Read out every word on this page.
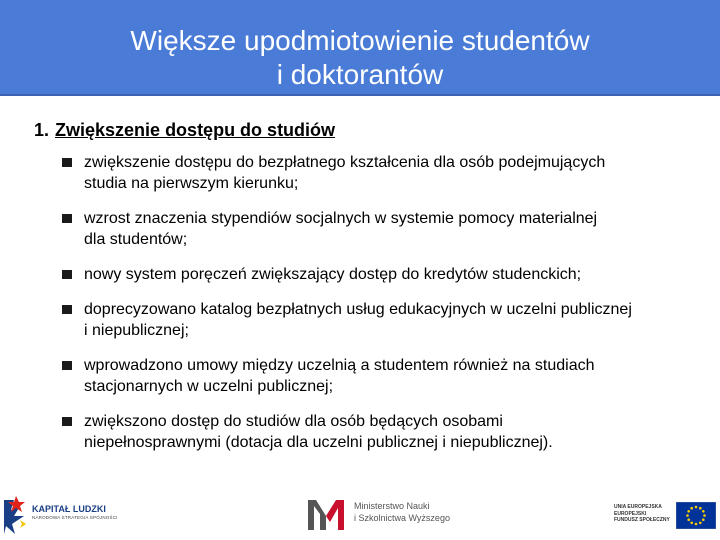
Większe upodmiotowienie studentów
i doktorantów
1. Zwiększenie dostępu do studiów
zwiększenie dostępu do bezpłatnego kształcenia dla osób podejmujących
studia na pierwszym kierunku;
wzrost znaczenia stypendiów socjalnych w systemie pomocy materialnej
dla studentów;
nowy system poręczeń zwiększający dostęp do kredytów studenckich;
doprecyzowano katalog bezpłatnych usług edukacyjnych w uczelni publicznej
i niepublicznej;
wprowadzono umowy między uczelnią a studentem również na studiach
stacjonarnych w uczelni publicznej;
zwiększono dostęp do studiów dla osób będących osobami
niepełnosprawnymi (dotacja dla uczelni publicznej i niepublicznej).
KAPITAŁ LUDZKI
NARODOWA STRATEGIA SPÓJNOŚCI
Ministerstwo Nauki
i Szkolnictwa Wyższego
UNIA EUROPEJSKA
EUROPEJSKI
FUNDUSZ SPOŁECZNY
